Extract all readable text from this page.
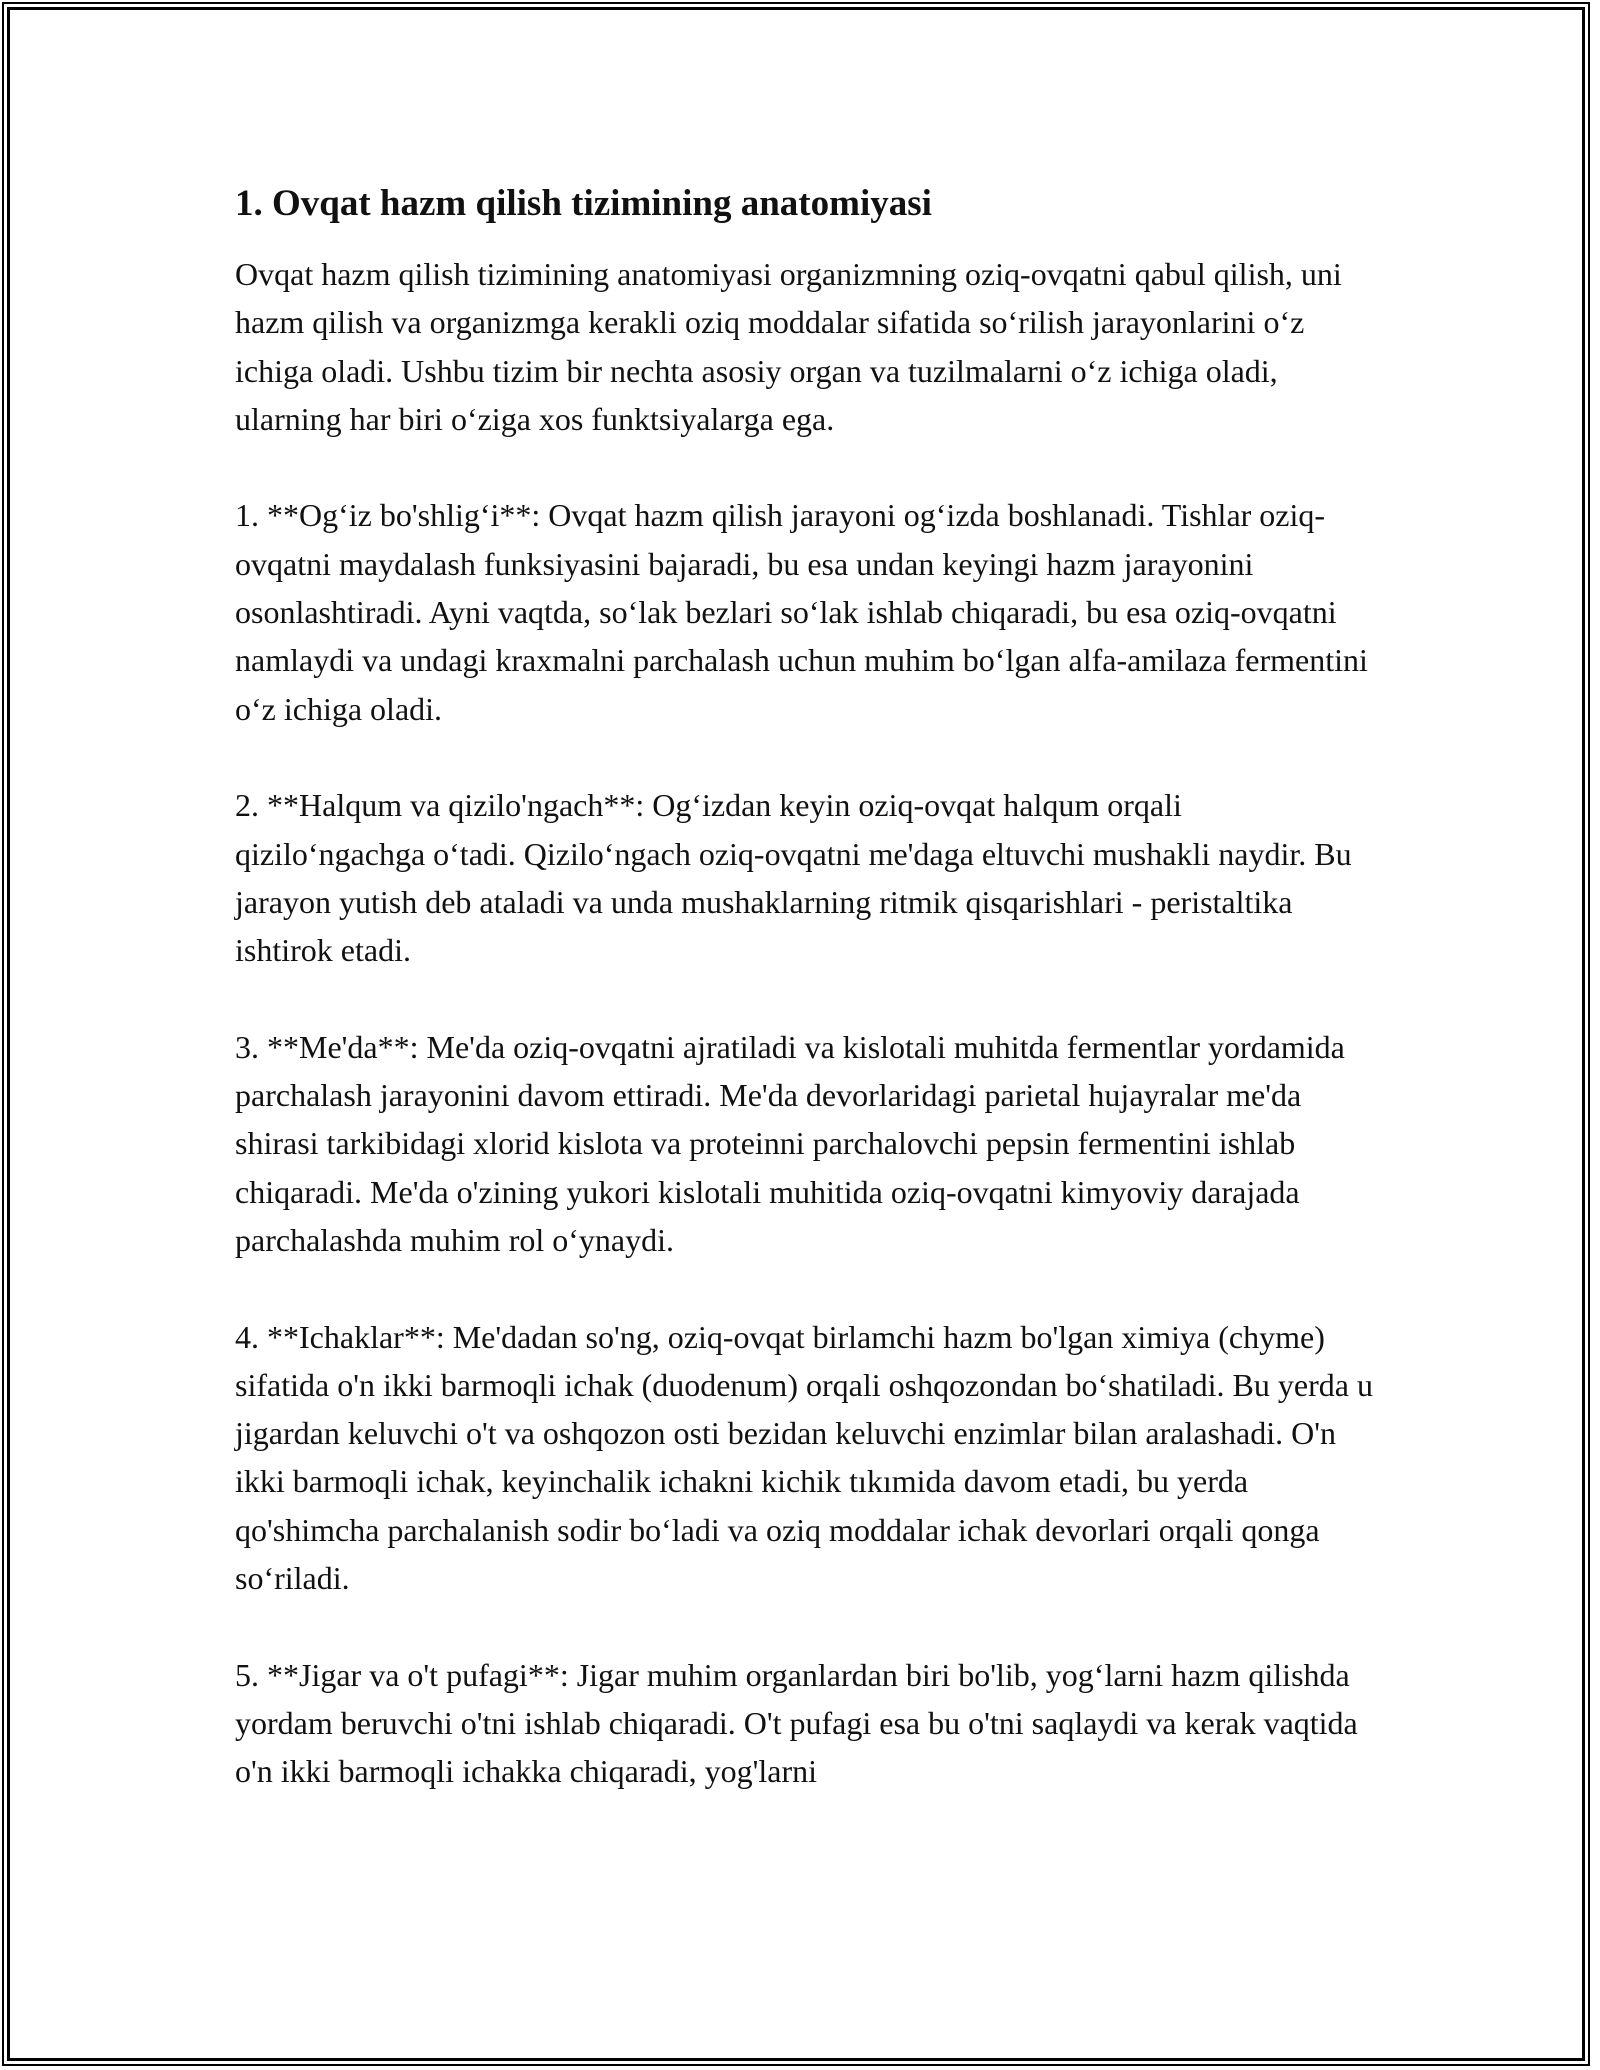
1. Ovqat hazm qilish tizimining anatomiyasi

Ovqat hazm qilish tizimining anatomiyasi organizmning oziq-ovqatni qabul qilish, uni hazm qilish va organizmga kerakli oziq moddalar sifatida so‘rilish jarayonlarini o‘z ichiga oladi. Ushbu tizim bir nechta asosiy organ va tuzilmalarni o‘z ichiga oladi, ularning har biri o‘ziga xos funktsiyalarga ega.

1. **Og‘iz bo'shlig‘i**: Ovqat hazm qilish jarayoni og‘izda boshlanadi. Tishlar oziq-ovqatni maydalash funksiyasini bajaradi, bu esa undan keyingi hazm jarayonini osonlashtiradi. Ayni vaqtda, so‘lak bezlari so‘lak ishlab chiqaradi, bu esa oziq-ovqatni namlaydi va undagi kraxmalni parchalash uchun muhim bo‘lgan alfa-amilaza fermentini o‘z ichiga oladi.

2. **Halqum va qizilo'ngach**: Og‘izdan keyin oziq-ovqat halqum orqali qizilo‘ngachga o‘tadi. Qizilo‘ngach oziq-ovqatni me'daga eltuvchi mushakli naydir. Bu jarayon yutish deb ataladi va unda mushaklarning ritmik qisqarishlari - peristaltika ishtirok etadi.

3. **Me'da**: Me'da oziq-ovqatni ajratiladi va kislotali muhitda fermentlar yordamida parchalash jarayonini davom ettiradi. Me'da devorlaridagi parietal hujayralar me'da shirasi tarkibidagi xlorid kislota va proteinni parchalovchi pepsin fermentini ishlab chiqaradi. Me'da o'zining yukori kislotali muhitida oziq-ovqatni kimyoviy darajada parchalashda muhim rol o‘ynaydi.

4. **Ichaklar**: Me'dadan so'ng, oziq-ovqat birlamchi hazm bo'lgan ximiya (chyme) sifatida o'n ikki barmoqli ichak (duodenum) orqali oshqozondan bo‘shatiladi. Bu yerda u jigardan keluvchi o't va oshqozon osti bezidan keluvchi enzimlar bilan aralashadi. O'n ikki barmoqli ichak, keyinchalik ichakni kichik tıkımida davom etadi, bu yerda qo'shimcha parchalanish sodir bo‘ladi va oziq moddalar ichak devorlari orqali qonga so‘riladi.

5. **Jigar va o't pufagi**: Jigar muhim organlardan biri bo'lib, yog‘larni hazm qilishda yordam beruvchi o'tni ishlab chiqaradi. O't pufagi esa bu o'tni saqlaydi va kerak vaqtida o'n ikki barmoqli ichakka chiqaradi, yog'larni
